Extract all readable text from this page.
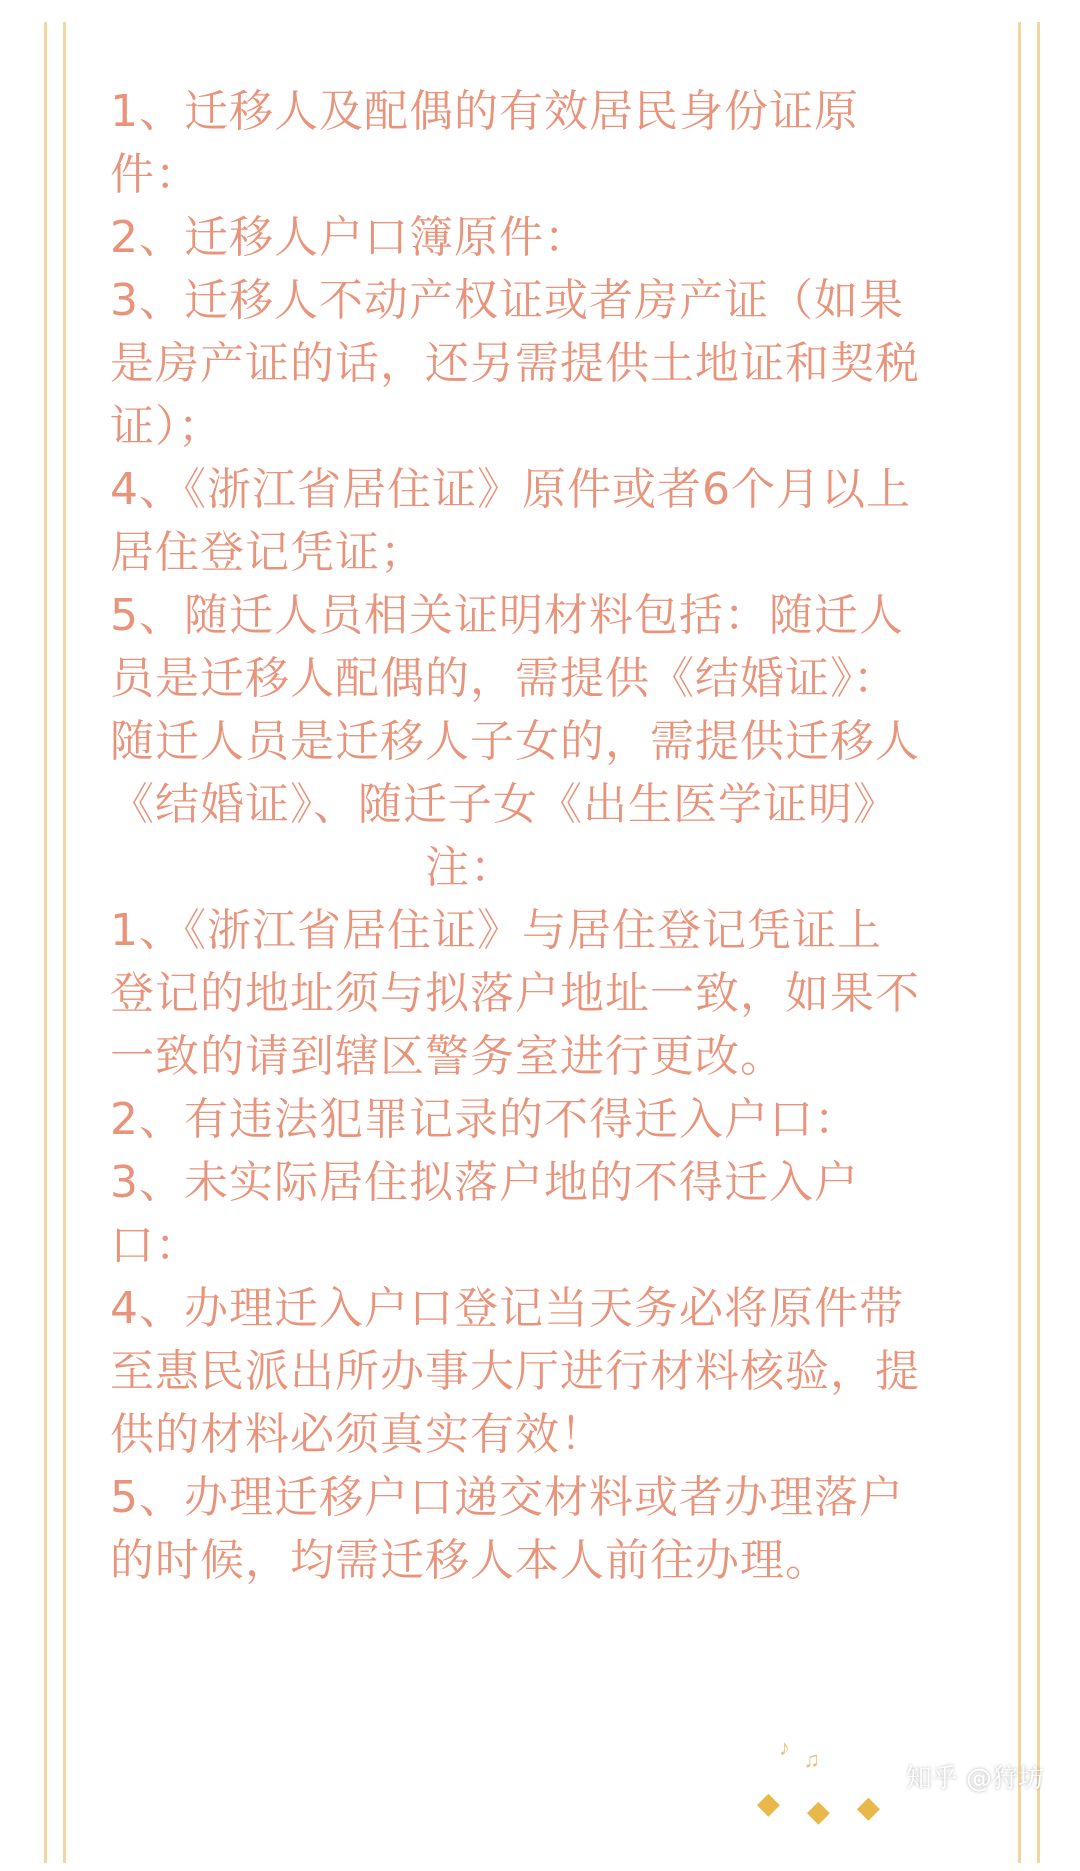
1、迁移人及配偶的有效居民身份证原
件：
2、迁移人户口簿原件：
3、迁移人不动产权证或者房产证（如果
是房产证的话，还另需提供土地证和契税
证）；
4、《浙江省居住证》原件或者6个月以上
居住登记凭证；
5、随迁人员相关证明材料包括：随迁人
员是迁移人配偶的，需提供《结婚证》：
随迁人员是迁移人子女的，需提供迁移人
《结婚证》、随迁子女《出生医学证明》
注：
1、《浙江省居住证》与居住登记凭证上
登记的地址须与拟落户地址一致，如果不
一致的请到辖区警务室进行更改。
2、有违法犯罪记录的不得迁入户口：
3、未实际居住拟落户地的不得迁入户
口：
4、办理迁入户口登记当天务必将原件带
至惠民派出所办事大厅进行材料核验，提
供的材料必须真实有效！
5、办理迁移户口递交材料或者办理落户
的时候，均需迁移人本人前往办理。
♪ ♫
◆ ◆ ◆
知乎 @狩坊
